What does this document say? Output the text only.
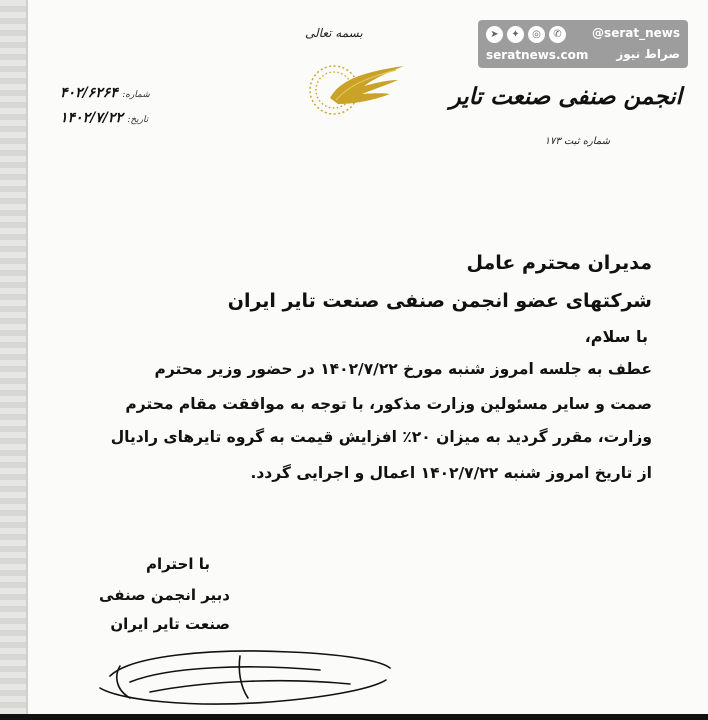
بسمه تعالی
انجمن صنفی صنعت تایر
شماره ثبت ۱۷۳
۴۰۲/۶۲۶۴ شماره:
۱۴۰۲/۷/۲۲ تاریخ:
➤	✦	◎	✆	@serat_news
seratnews.com صراط نیوز
مدیران محترم عامل
شرکتهای عضو انجمن صنفی صنعت تایر ایران
با سلام،
عطف به جلسه امروز شنبه مورخ ۱۴۰۲/۷/۲۲ در حضور وزیر محترم
صمت و سایر مسئولین وزارت مذکور، با توجه به موافقت مقام محترم
وزارت، مقرر گردید به میزان ۲۰٪ افزایش قیمت به گروه تایرهای رادیال
از تاریخ امروز شنبه ۱۴۰۲/۷/۲۲ اعمال و اجرایی گردد.
با احترام
دبیر انجمن صنفی
صنعت تایر ایران
